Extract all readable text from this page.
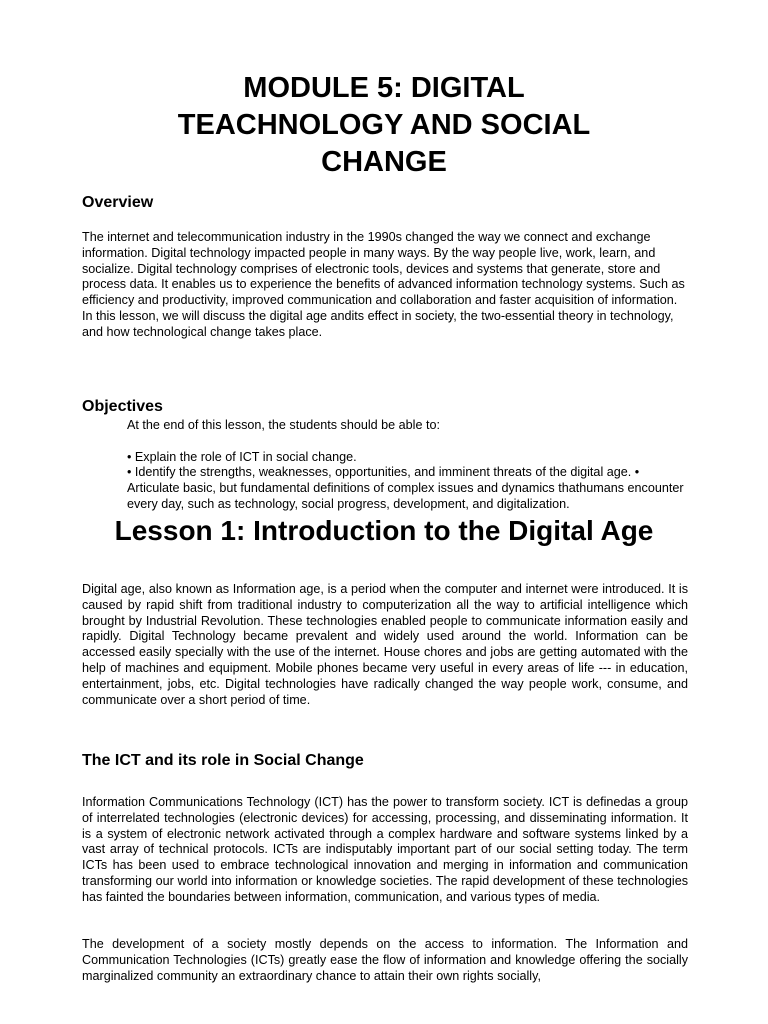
MODULE 5: DIGITAL
TEACHNOLOGY AND SOCIAL
CHANGE
Overview

The internet and telecommunication industry in the 1990s changed the way we connect and exchange information. Digital technology impacted people in many ways. By the way people live, work, learn, and socialize. Digital technology comprises of electronic tools, devices and systems that generate, store and process data. It enables us to experience the benefits of advanced information technology systems. Such as efficiency and productivity, improved communication and collaboration and faster acquisition of information. In this lesson, we will discuss the digital age andits effect in society, the two-essential theory in technology, and how technological change takes place.

Objectives

At the end of this lesson, the students should be able to:

• Explain the role of ICT in social change.

• Identify the strengths, weaknesses, opportunities, and imminent threats of the digital age. • Articulate basic, but fundamental definitions of complex issues and dynamics thathumans encounter every day, such as technology, social progress, development, and digitalization.

Lesson 1: Introduction to the Digital Age

Digital age, also known as Information age, is a period when the computer and internet were introduced. It is caused by rapid shift from traditional industry to computerization all the way to artificial intelligence which brought by Industrial Revolution. These technologies enabled people to communicate information easily and rapidly. Digital Technology became prevalent and widely used around the world. Information can be accessed easily specially with the use of the internet. House chores and jobs are getting automated with the help of machines and equipment. Mobile phones became very useful in every areas of life --- in education, entertainment, jobs, etc. Digital technologies have radically changed the way people work, consume, and communicate over a short period of time.

The ICT and its role in Social Change

Information Communications Technology (ICT) has the power to transform society. ICT is definedas a group of interrelated technologies (electronic devices) for accessing, processing, and disseminating information. It is a system of electronic network activated through a complex hardware and software systems linked by a vast array of technical protocols. ICTs are indisputably important part of our social setting today. The term ICTs has been used to embrace technological innovation and merging in information and communication transforming our world into information or knowledge societies. The rapid development of these technologies has fainted the boundaries between information, communication, and various types of media.

The development of a society mostly depends on the access to information. The Information and Communication Technologies (ICTs) greatly ease the flow of information and knowledge offering the socially marginalized community an extraordinary chance to attain their own rights socially,
